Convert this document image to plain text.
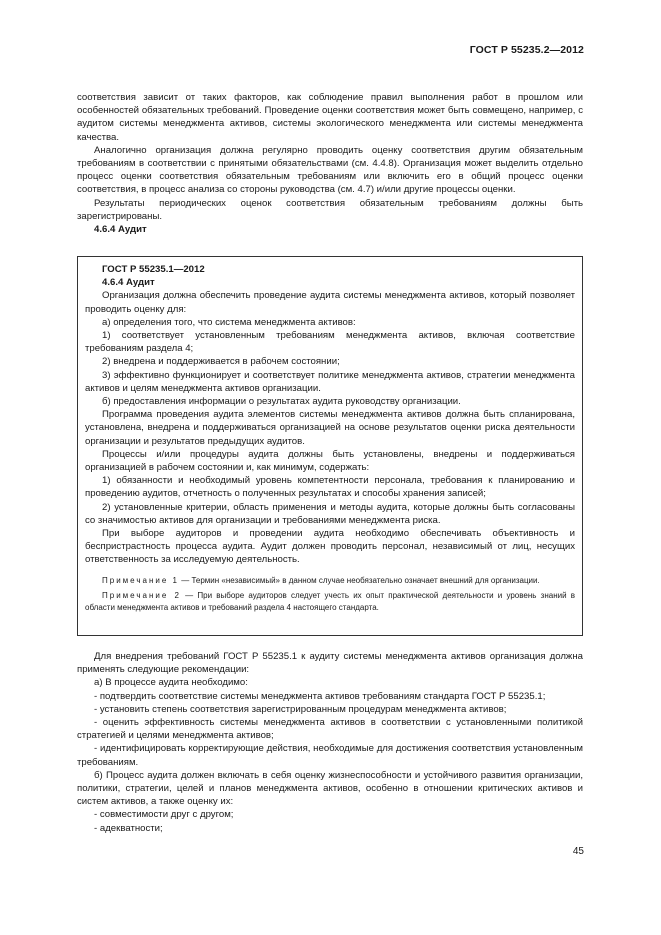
ГОСТ Р 55235.2—2012

соответствия зависит от таких факторов, как соблюдение правил выполнения работ в прошлом или особенностей обязательных требований. Проведение оценки соответствия может быть совмещено, например, с аудитом системы менеджмента активов, системы экологического менеджмента или системы менеджмента качества.

Аналогично организация должна регулярно проводить оценку соответствия другим обязательным требованиям в соответствии с принятыми обязательствами (см. 4.4.8). Организация может выделить отдельно процесс оценки соответствия обязательным требованиям или включить его в общий процесс оценки соответствия, в процесс анализа со стороны руководства (см. 4.7) и/или другие процессы оценки.

Результаты периодических оценок соответствия обязательным требованиям должны быть зарегистрированы.

4.6.4 Аудит

ГОСТ Р 55235.1—2012

4.6.4 Аудит

Организация должна обеспечить проведение аудита системы менеджмента активов, который позволяет проводить оценку для:

а) определения того, что система менеджмента активов:

1) соответствует установленным требованиям менеджмента активов, включая соответствие требованиям раздела 4;

2) внедрена и поддерживается в рабочем состоянии;

3) эффективно функционирует и соответствует политике менеджмента активов, стратегии менеджмента активов и целям менеджмента активов организации.

б) предоставления информации о результатах аудита руководству организации.

Программа проведения аудита элементов системы менеджмента активов должна быть спланирована, установлена, внедрена и поддерживаться организацией на основе результатов оценки риска деятельности организации и результатов предыдущих аудитов.

Процессы и/или процедуры аудита должны быть установлены, внедрены и поддерживаться организацией в рабочем состоянии и, как минимум, содержать:

1) обязанности и необходимый уровень компетентности персонала, требования к планированию и проведению аудитов, отчетность о полученных результатах и способы хранения записей;

2) установленные критерии, область применения и методы аудита, которые должны быть согласованы со значимостью активов для организации и требованиями менеджмента риска.

При выборе аудиторов и проведении аудита необходимо обеспечивать объективность и беспристрастность процесса аудита. Аудит должен проводить персонал, независимый от лиц, несущих ответственность за исследуемую деятельность.

Примечание 1 — Термин «независимый» в данном случае необязательно означает внешний для организации.

Примечание 2 — При выборе аудиторов следует учесть их опыт практической деятельности и уровень знаний в области менеджмента активов и требований раздела 4 настоящего стандарта.

Для внедрения требований ГОСТ Р 55235.1 к аудиту системы менеджмента активов организация должна применять следующие рекомендации:

а) В процессе аудита необходимо:

- подтвердить соответствие системы менеджмента активов требованиям стандарта ГОСТ Р 55235.1;

- установить степень соответствия зарегистрированным процедурам менеджмента активов;

- оценить эффективность системы менеджмента активов в соответствии с установленными политикой стратегией и целями менеджмента активов;

- идентифицировать корректирующие действия, необходимые для достижения соответствия установленным требованиям.

б) Процесс аудита должен включать в себя оценку жизнеспособности и устойчивого развития организации, политики, стратегии, целей и планов менеджмента активов, особенно в отношении критических активов и систем активов, а также оценку их:

- совместимости друг с другом;

- адекватности;

45
